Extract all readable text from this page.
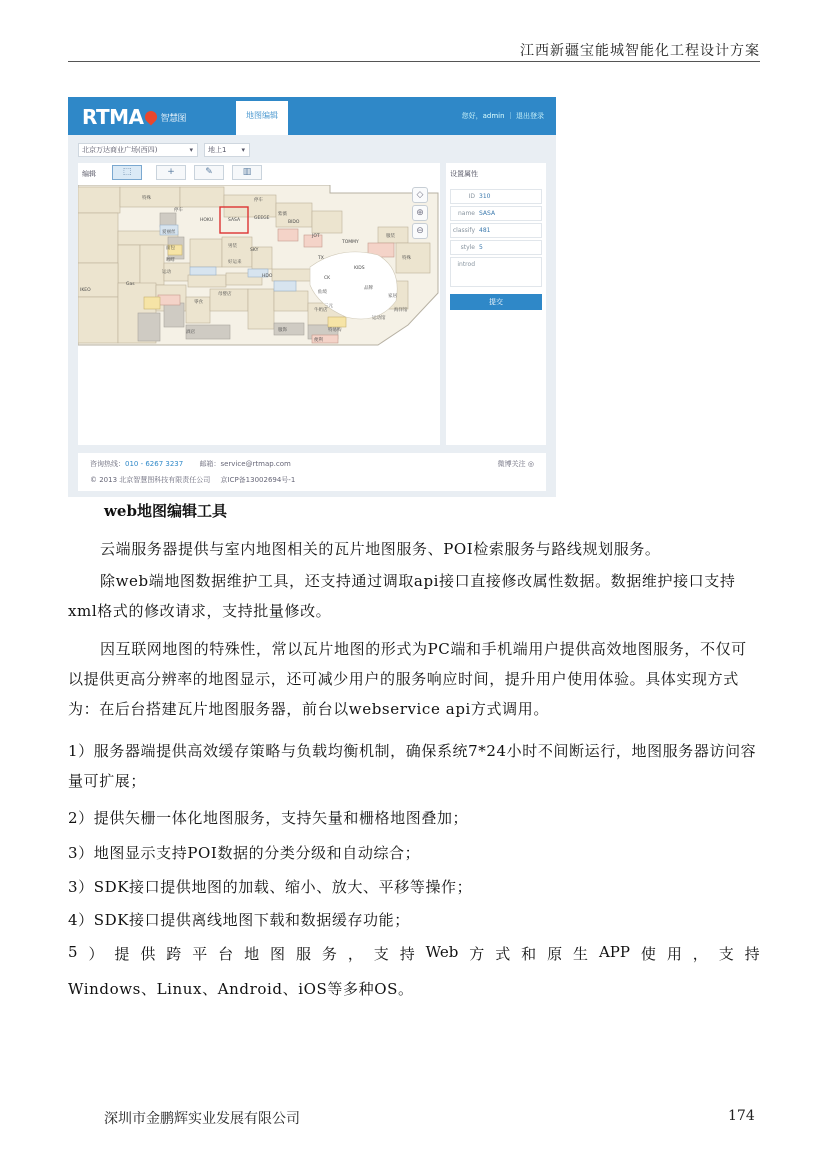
江西新疆宝能城智能化工程设计方案
RTMA 智慧图	地图编辑	您好，admin ｜ 退出登录
北京万达商业广场(西四)	▾	地上1 ▾
编辑	⬚	+	✎	▥
特殊
停车
SASA	GEEGE
停车
HOKU
紫薇
BIDO
爱丽丝
TOMMY
服装
特殊
面包
JOT
TX
SKY
男装
好运来
HDO	CK
KIDS
母婴店	仙境
品牌
咖啡
牛奶店
三元
零食
特易购
便利
运动
酒店	服饰
家居
海洋馆
运动馆
IKEO
Gas
◇
⊕
⊖
设置属性
ID 310
name SASA
classify 481
style 5
introd
提交
咨询热线：010 - 6267 3237 邮箱：service@rtmap.com	微博关注 ◎
© 2013 北京智慧图科技有限责任公司 京ICP备13002694号-1
web地图编辑工具
云端服务器提供与室内地图相关的瓦片地图服务、POI检索服务与路线规划服务。
除web端地图数据维护工具，还支持通过调取api接口直接修改属性数据。数据维护接口支持xml格式的修改请求，支持批量修改。
因互联网地图的特殊性，常以瓦片地图的形式为PC端和手机端用户提供高效地图服务，不仅可以提供更高分辨率的地图显示，还可减少用户的服务响应时间，提升用户使用体验。具体实现方式为：在后台搭建瓦片地图服务器，前台以webservice api方式调用。
1）服务器端提供高效缓存策略与负载均衡机制，确保系统7*24小时不间断运行，地图服务器访问容量可扩展；
2）提供矢栅一体化地图服务，支持矢量和栅格地图叠加；
3）地图显示支持POI数据的分类分级和自动综合；
3）SDK接口提供地图的加载、缩小、放大、平移等操作；
4）SDK接口提供离线地图下载和数据缓存功能；
5 ） 提 供 跨 平 台 地 图 服 务 ， 支 持 Web 方 式 和 原 生 APP 使 用 ， 支 持
Windows、Linux、Android、iOS等多种OS。
深圳市金鹏辉实业发展有限公司	174
